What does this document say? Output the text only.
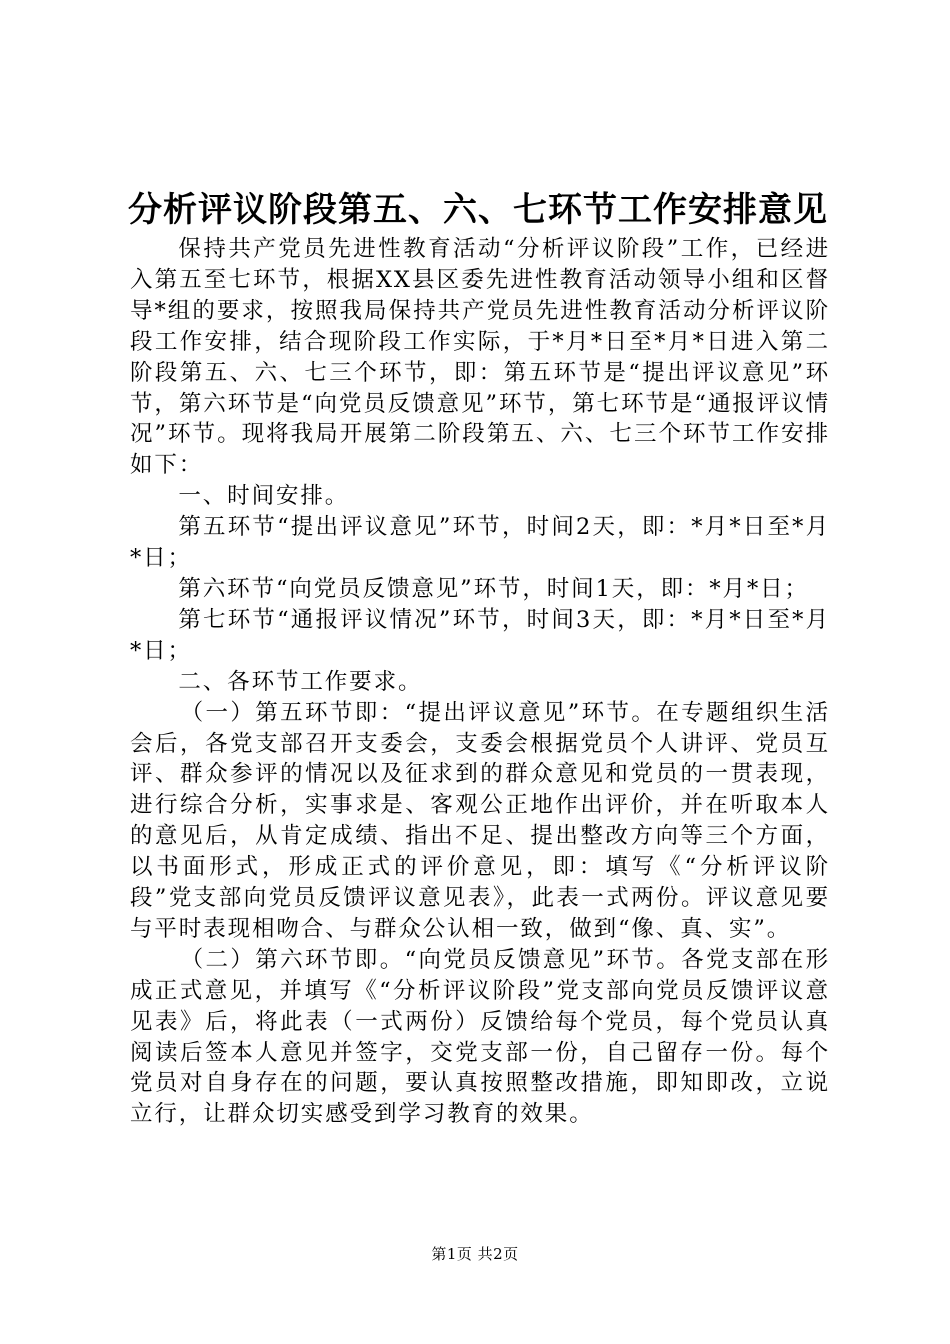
分析评议阶段第五、六、七环节工作安排意见

保持共产党员先进性教育活动“分析评议阶段”工作，已经进入第五至七环节，根据XX县区委先进性教育活动领导小组和区督导*组的要求，按照我局保持共产党员先进性教育活动分析评议阶段工作安排，结合现阶段工作实际，于*月*日至*月*日进入第二阶段第五、六、七三个环节，即：第五环节是“提出评议意见”环节，第六环节是“向党员反馈意见”环节，第七环节是“通报评议情况”环节。现将我局开展第二阶段第五、六、七三个环节工作安排如下：

一、时间安排。

第五环节“提出评议意见”环节，时间2天，即：*月*日至*月*日；

第六环节“向党员反馈意见”环节，时间1天，即：*月*日；

第七环节“通报评议情况”环节，时间3天，即：*月*日至*月*日；

二、各环节工作要求。

（一）第五环节即：“提出评议意见”环节。在专题组织生活会后，各党支部召开支委会，支委会根据党员个人讲评、党员互评、群众参评的情况以及征求到的群众意见和党员的一贯表现，进行综合分析，实事求是、客观公正地作出评价，并在听取本人的意见后，从肯定成绩、指出不足、提出整改方向等三个方面，以书面形式，形成正式的评价意见，即：填写《“分析评议阶段”党支部向党员反馈评议意见表》，此表一式两份。评议意见要与平时表现相吻合、与群众公认相一致，做到“像、真、实”。

（二）第六环节即。“向党员反馈意见”环节。各党支部在形成正式意见，并填写《“分析评议阶段”党支部向党员反馈评议意见表》后，将此表（一式两份）反馈给每个党员，每个党员认真阅读后签本人意见并签字，交党支部一份，自己留存一份。每个党员对自身存在的问题，要认真按照整改措施，即知即改，立说立行，让群众切实感受到学习教育的效果。

第1页 共2页
